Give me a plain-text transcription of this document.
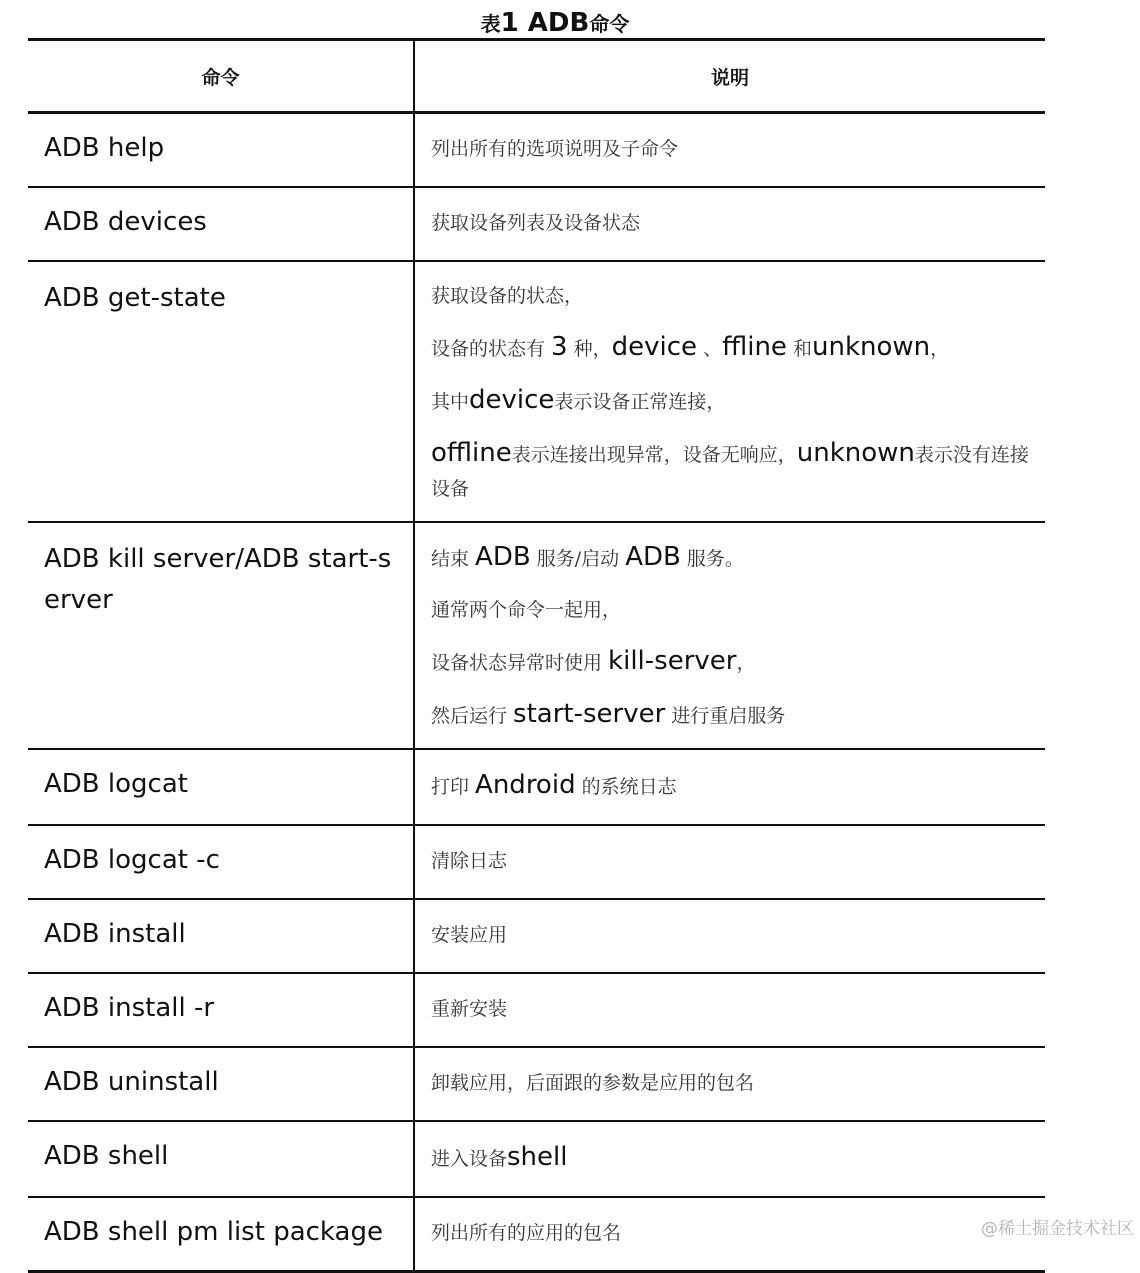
表1 ADB命令
命令	说明
ADB help	列出所有的选项说明及子命令

ADB devices	获取设备列表及设备状态

ADB get-state	获取设备的状态，
设备的状态有 3 种，device 、ffline 和unknown，
其中device表示设备正常连接，
offline表示连接出现异常，设备无响应，unknown表示没有连接设备

ADB kill server/ADB start-server	结束 ADB 服务/启动 ADB 服务。
通常两个命令一起用，
设备状态异常时使用 kill-server，
然后运行 start-server 进行重启服务

ADB logcat	打印 Android 的系统日志

ADB logcat -c	清除日志

ADB install	安装应用

ADB install -r	重新安装

ADB uninstall	卸载应用，后面跟的参数是应用的包名

ADB shell	进入设备shell

ADB shell pm list package	列出所有的应用的包名	@稀土掘金技术社区
